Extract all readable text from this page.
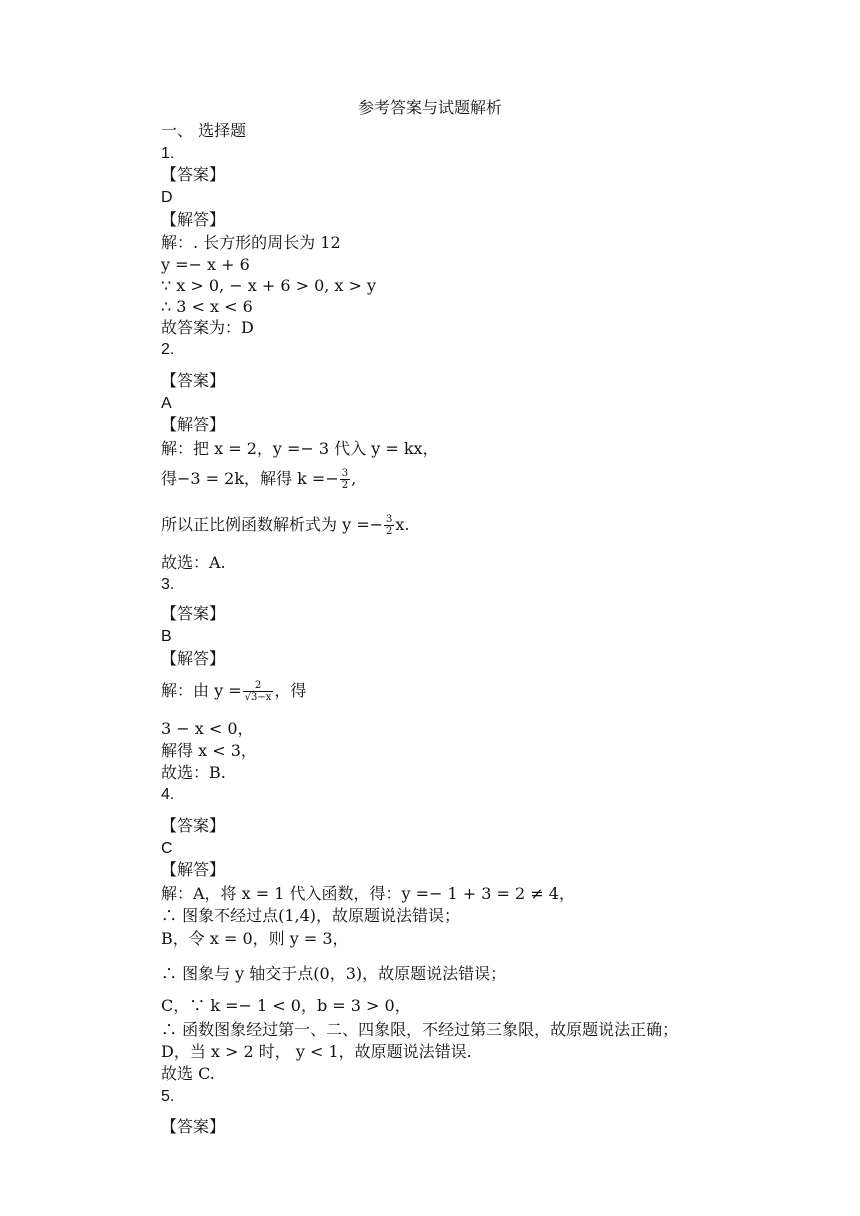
参考答案与试题解析
一、 选择题
1.
【答案】
D
【解答】
解：. 长方形的周长为 12
y =− x + 6
∵ x > 0, − x + 6 > 0, x > y
∴ 3 < x < 6
故答案为：D
2.
【答案】
A
【解答】
解：把 x = 2，y =− 3 代入 y = kx，
得−3 = 2k，解得 $k =- \frac{3}{2}$ ,
所以正比例函数解析式为 $y =- \frac{3}{2} x$.
故选：A.
3.
【答案】
B
【解答】
解：由 $y = \frac{2}{√3-x}$ ，得
3 − x < 0，
解得 x < 3，
故选：B.
4.
【答案】
C
【解答】
解：A，将 x = 1 代入函数，得：y =− 1 + 3 = 2 ≠ 4，
∴ 图象不经过点(1,4)，故原题说法错误；
B，令 x = 0，则 y = 3，
∴ 图象与 y 轴交于点(0，3)，故原题说法错误；
C，∵ k =− 1 < 0，b = 3 > 0，
∴ 函数图象经过第一、二、四象限，不经过第三象限，故原题说法正确；
D，当 x > 2 时， y < 1，故原题说法错误.
故选 C.
5.
【答案】
